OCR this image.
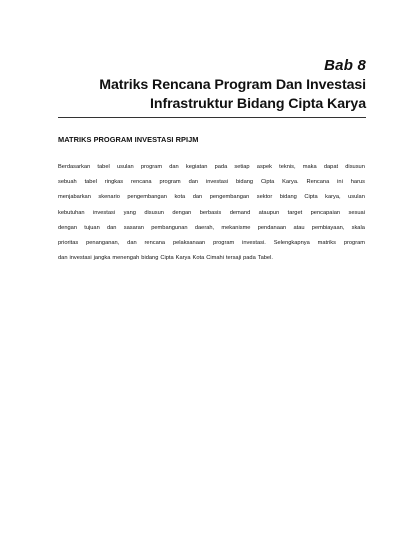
Bab 8
Matriks Rencana Program Dan Investasi
Infrastruktur Bidang Cipta Karya
MATRIKS PROGRAM INVESTASI RPIJM
Berdasarkan tabel usulan program dan kegiatan pada setiap aspek teknis, maka dapat disusun
sebuah tabel ringkas rencana program dan investasi bidang Cipta Karya. Rencana ini harus
menjabarkan skenario pengembangan kota dan pengembangan sektor bidang Cipta karya, usulan
kebutuhan investasi yang disusun dengan berbasis demand ataupun target pencapaian sesuai
dengan tujuan dan sasaran pembangunan daerah, mekanisme pendanaan atau pembiayaan, skala
prioritas penanganan, dan rencana pelaksanaan program investasi. Selengkapnya matriks program
dan investasi jangka menengah bidang Cipta Karya Kota Cimahi tersaji pada Tabel.
